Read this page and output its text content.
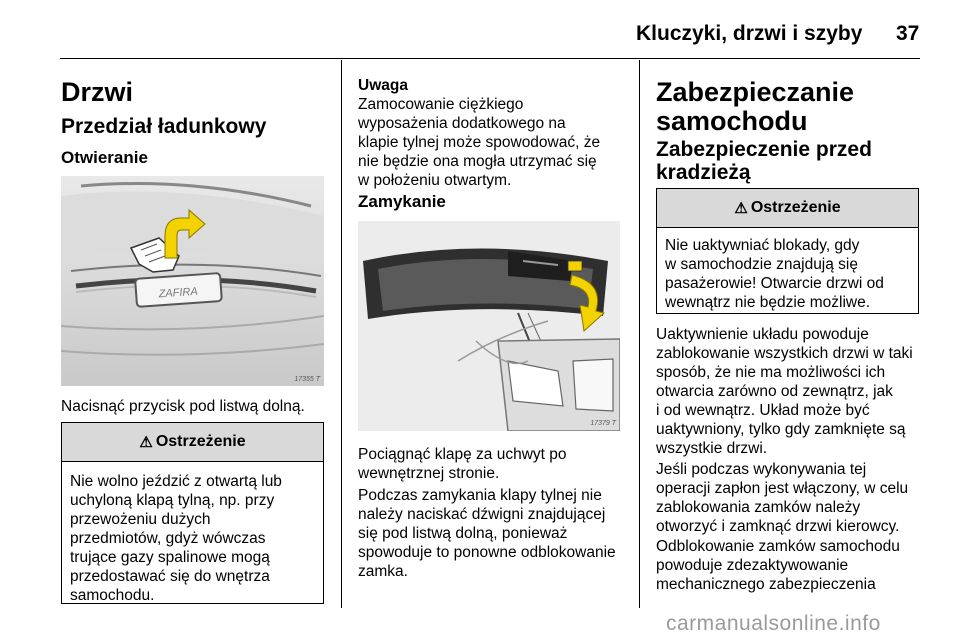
Kluczyki, drzwi i szyby 37
Drzwi
Przedział ładunkowy
Otwieranie
ZAFIRA
17355 T
Nacisnąć przycisk pod listwą dolną.
⚠ Ostrzeżenie
Nie wolno jeździć z otwartą lub
uchyloną klapą tylną, np. przy
przewożeniu dużych
przedmiotów, gdyż wówczas
trujące gazy spalinowe mogą
przedostawać się do wnętrza
samochodu.
Uwaga
Zamocowanie ciężkiego
wyposażenia dodatkowego na
klapie tylnej może spowodować, że
nie będzie ona mogła utrzymać się
w położeniu otwartym.
Zamykanie
17379 T
Pociągnąć klapę za uchwyt po
wewnętrznej stronie.
Podczas zamykania klapy tylnej nie
należy naciskać dźwigni znajdującej
się pod listwą dolną, ponieważ
spowoduje to ponowne odblokowanie
zamka.
Zabezpieczanie
samochodu
Zabezpieczenie przed
kradzieżą
⚠ Ostrzeżenie
Nie uaktywniać blokady, gdy
w samochodzie znajdują się
pasażerowie! Otwarcie drzwi od
wewnątrz nie będzie możliwe.
Uaktywnienie układu powoduje
zablokowanie wszystkich drzwi w taki
sposób, że nie ma możliwości ich
otwarcia zarówno od zewnątrz, jak
i od wewnątrz. Układ może być
uaktywniony, tylko gdy zamknięte są
wszystkie drzwi.
Jeśli podczas wykonywania tej
operacji zapłon jest włączony, w celu
zablokowania zamków należy
otworzyć i zamknąć drzwi kierowcy.
Odblokowanie zamków samochodu
powoduje zdezaktywowanie
mechanicznego zabezpieczenia
carmanualsonline.info
